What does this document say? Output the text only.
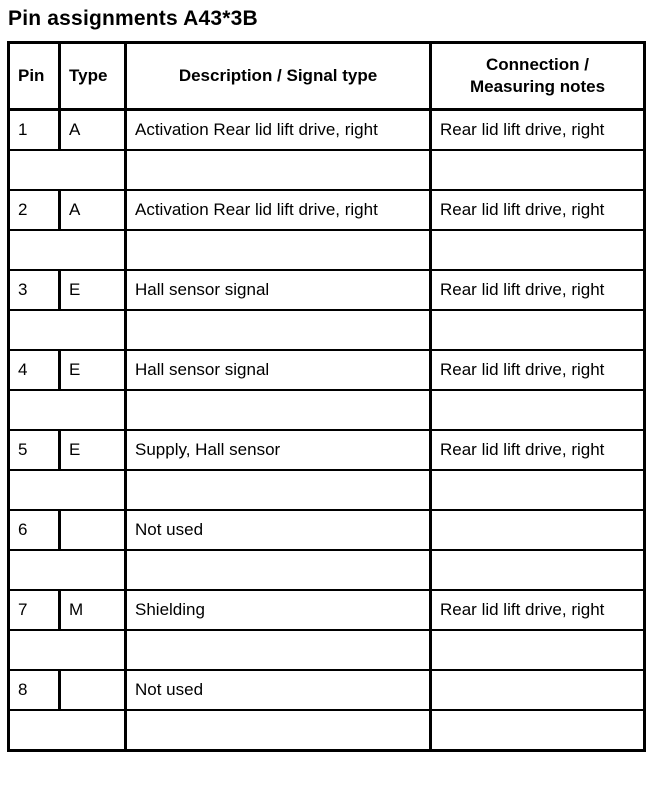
Pin assignments A43*3B
Pin	Type	Description / Signal type	Connection /
Measuring notes
1	A	Activation Rear lid lift drive, right	Rear lid lift drive, right

2	A	Activation Rear lid lift drive, right	Rear lid lift drive, right

3	E	Hall sensor signal	Rear lid lift drive, right

4	E	Hall sensor signal	Rear lid lift drive, right

5	E	Supply, Hall sensor	Rear lid lift drive, right

6		Not used	

7	M	Shielding	Rear lid lift drive, right

8		Not used	
